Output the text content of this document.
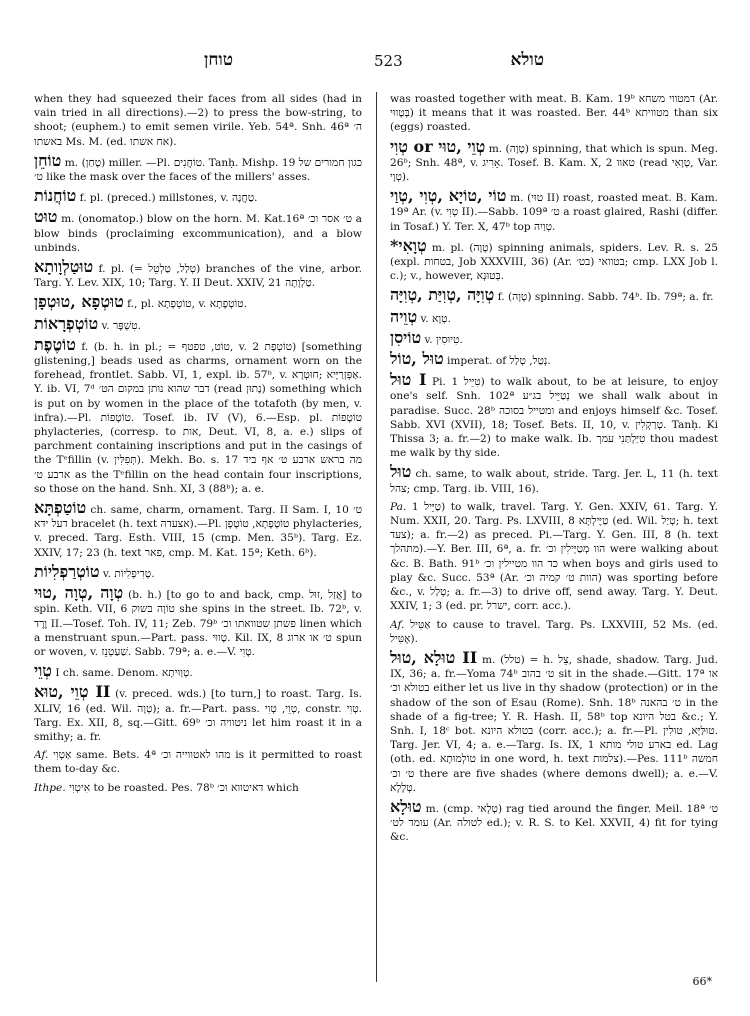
טוחן	523	טולא

when they had squeezed their faces from all sides (had in vain tried in all directions).—2) to press the bow-string, to shoot; (euphem.) to emit semen virile. Yeb. 54ª. Snh. 46ª ה׳ באשתו Ms. M. (ed. אח אשתו).

טוֹחֵן m. (טָחַן) miller. —Pl. טוֹחֲנִים. Tanḥ. Mishp. 19 כגון חמורים של ט׳ like the mask over the faces of the millers' asses.

טוֹחֲנוֹת f. pl. (preced.) millstones, v. טַחֲנָה.

טוּט m. (onomatop.) blow on the horn. M. Kat.16ª ט׳ אסר וכ׳ a blow binds (proclaiming excommunication), and a blow unbinds.

טוּטַלְוָותָא f. pl. (= טְלַל, טַלְטֵל) branches of the vine, arbor. Targ. Y. Lev. XIX, 10; Targ. Y. II Deut. XXIV, 21 טַלְוָתָה.

טוּטְפָא ,טוּטְפָן f., pl. טוֹטְפָתָא, v. טוֹטְפָתָא.

טוֹטְפְרָאוֹת v. טִשְׁפָּר.

טוֹטֶפֶת f. (b. h. in pl.; = טוֹט, טפטף, v. טוֹטְפָת 2) [something glistening,] beads used as charms, ornament worn on the forehead, frontlet. Sabb. VI, 1, expl. ib. 57ᵇ, v. אַפְּזְרַיָּיא ;חוּטְרָא. Y. ib. VI, 7ᵈ דבר שהוא נותן במקום הט׳ (read נָתוּן) something which is put on by women in the place of the totafoth (by men, v. infra).—Pl. טוֹטָפוֹת. Tosef. ib. IV (V), 6.—Esp. pl. טוֹטָפוֹת phylacteries, (corresp. to אות, Deut. VI, 8, a. e.) slips of parchment containing inscriptions and put in the casings of the Tᵉfillin (v. תְּפִלִּין). Mekh. Bo. s. 17 מה בראש ארבע ט׳ אף ביד ארבע ט׳ as the Tᵉfillin on the head contain four inscriptions, so those on the hand. Snh. XI, 3 (88ᵇ); a. e.

טוֹטַפְתָּא ch. same, charm, ornament. Targ. II Sam. I, 10 ט׳ דעל ידא bracelet (h. text אצעדה).—Pl. טוֹטָפָתָא, טוֹטָפָן phylacteries, v. preced. Targ. Esth. VIII, 15 (cmp. Men. 35ᵇ). Targ. Ez. XXIV, 17; 23 (h. text פאר, cmp. M. Kat. 15ª; Keth. 6ᵇ).

טוֹטְרַפְלִיוֹת v. טְרִיפְלִיוֹת.

טְוָה ,טְוָה ,טוּי (b. h.) [to go to and back, cmp. אֲזַל ,זוּל] to spin. Keth. VII, 6 טוֹוָה בשוק she spins in the street. Ib. 72ᵇ, v. וֶרֶד II.—Tosef. Toh. IV, 11; Zeb. 79ᵇ פשתן שטוואתו וכ׳ linen which a menstruant spun.—Part. pass. טָווּי. Kil. IX, 8 ט׳ או ארוג spun or woven, v. שַׁעַטְנֵז. Sabb. 79ª; a. e.—V. טָוִי.

טְוֵי I ch. same. Denom. טְוַוּיתָא.

טְוֵי ,טוּא II (v. preced. wds.) [to turn,] to roast. Targ. Is. XLIV, 16 (ed. Wil. טְוָה); a. fr.—Part. pass. טְוֵי, טְוִי, constr. טְוִי. Targ. Ex. XII, 8, sq.—Gitt. 69ᵇ ניטוויה וכ׳ let him roast it in a smithy; a. fr.

Af. אַטְוִי same. Bets. 4ª מהו לאטווייה וכ׳ is it permitted to roast them to-day &c.

Ithpe. אִיטְוִי to be roasted. Pes. 78ᵇ דאיטווא וכ׳ which

was roasted together with meat. B. Kam. 19ᵇ דמטווי משחא (Ar. בְּטָווּי) it means that it was roasted. Ber. 44ᵇ מטוויתא than six (eggs) roasted.

טְוִי or טְוֵי ,טוּי m. (טָוָה) spinning, that which is spun. Meg. 26ᵇ; Snh. 48ª, v. אָרִיג. Tosef. B. Kam. X, 2 טאוו (read טְוָאִי, Var. טְוָי).

טוֹי ,טוֹיָא ,טְוִי ,טְוַי m. (טוּי II) roast, roasted meat. B. Kam. 19ª Ar. (v. טְוִי II).—Sabb. 109ª ט׳ a roast glaired, Rashi (differ. in Tosaf.) Y. Ter. X, 47ᵇ top טְוַיִה.

*טְוָאִי m. pl. (טָוָה) spinning animals, spiders. Lev. R. s. 25 (expl. בטחות, Job XXXVIII, 36) (Ar. בט׳) בטוואי; cmp. LXX Job l. c.); v., however, בְּטוּנְא.

טְוִיָּה ,טְוִיַּת ,טְוִיָּה f. (טָוָה) spinning. Sabb. 74ᵇ. Ib. 79ª; a. fr.

טְוֵיה v. טְוָא.

טוֹיסִן v. טִיוּסִין.

טוּל ,טוֹל imperat. of נְטַל, טְלַל.

טוּל I Pi. טִיֵּיל 1) to walk about, to be at leisure, to enjoy one's self. Snh. 102ª נְטַיֵּיל בג״ע we shall walk about in paradise. Succ. 28ᵇ ומטייל בסוכה and enjoys himself &c. Tosef. Sabb. XVI (XVII), 18; Tosef. Bets. II, 10, v. טְרַקְלִין. Tanḥ. Ki Thissa 3; a. fr.—2) to make walk. Ib. טִיַּלְתַּנִי עמך thou madest me walk by thy side.

טוּל ch. same, to walk about, stride. Targ. Jer. L, 11 (h. text צהל; cmp. Targ. ib. VIII, 16).

Pa. טַיֵּיל 1) to walk, travel. Targ. Y. Gen. XXIV, 61. Targ. Y. Num. XXII, 20. Targ. Ps. LXVIII, 8 טַיֶּילְתָּא (ed. Wil. טְיַל; h. text צעד); a. fr.—2) as preced. Pi.—Targ. Y. Gen. III, 8 (h. text מתהלך).—Y. Ber. III, 6ª, a. fr. הוו מְטַיְּילִין וכ׳ were walking about &c. B. Bath. 91ᵇ כד הוו מטיילין וכ׳ when boys and girls used to play &c. Succ. 53ª (Ar. הוות ט׳ קמיה וכ׳) was sporting before &c., v. טְלַל; a. fr.—3) to drive off, send away. Targ. Y. Deut. XXIV, 1; 3 (ed. pr. ישרל, corr. acc.).

Af. אַטִּיל to cause to travel. Targ. Ps. LXXVIII, 52 Ms. (ed. אָטִּיל).

טוּלָא ,טוּל II m. (טלל) = h. צֵל, shade, shadow. Targ. Jud. IX, 36; a. fr.—Yoma 74ᵇ ט׳ בהוב sit in the shade.—Gitt. 17ª או בטולא וכ׳ either let us live in thy shadow (protection) or in the shadow of the son of Esau (Rome). Snh. 18ᵇ ט׳ בהאנה in the shade of a fig-tree; Y. R. Hash. II, 58ᵇ top בטל היונא &c.; Y. Snh. I, 18ᶜ bot. בטולא היונא (corr. acc.); a. fr.—Pl. טוּלַּיָּא, טוּלִין. Targ. Jer. VI, 4; a. e.—Targ. Is. IX, 1 בארע טולי מותא ed. Lag (oth. ed. טוֹלְמוּתָא in one word, h. text צלמות).—Pes. 111ᵇ חמשה ט׳ וכ׳ there are five shades (where demons dwell); a. e.—V. טְלָלָא.

טוּלָא m. (cmp. טְלָאי) rag tied around the finger. Meil. 18ª ט׳ עומד לט׳ (Ar. לטולה ed.); v. R. S. to Kel. XXVII, 4) fit for tying &c.

66*
